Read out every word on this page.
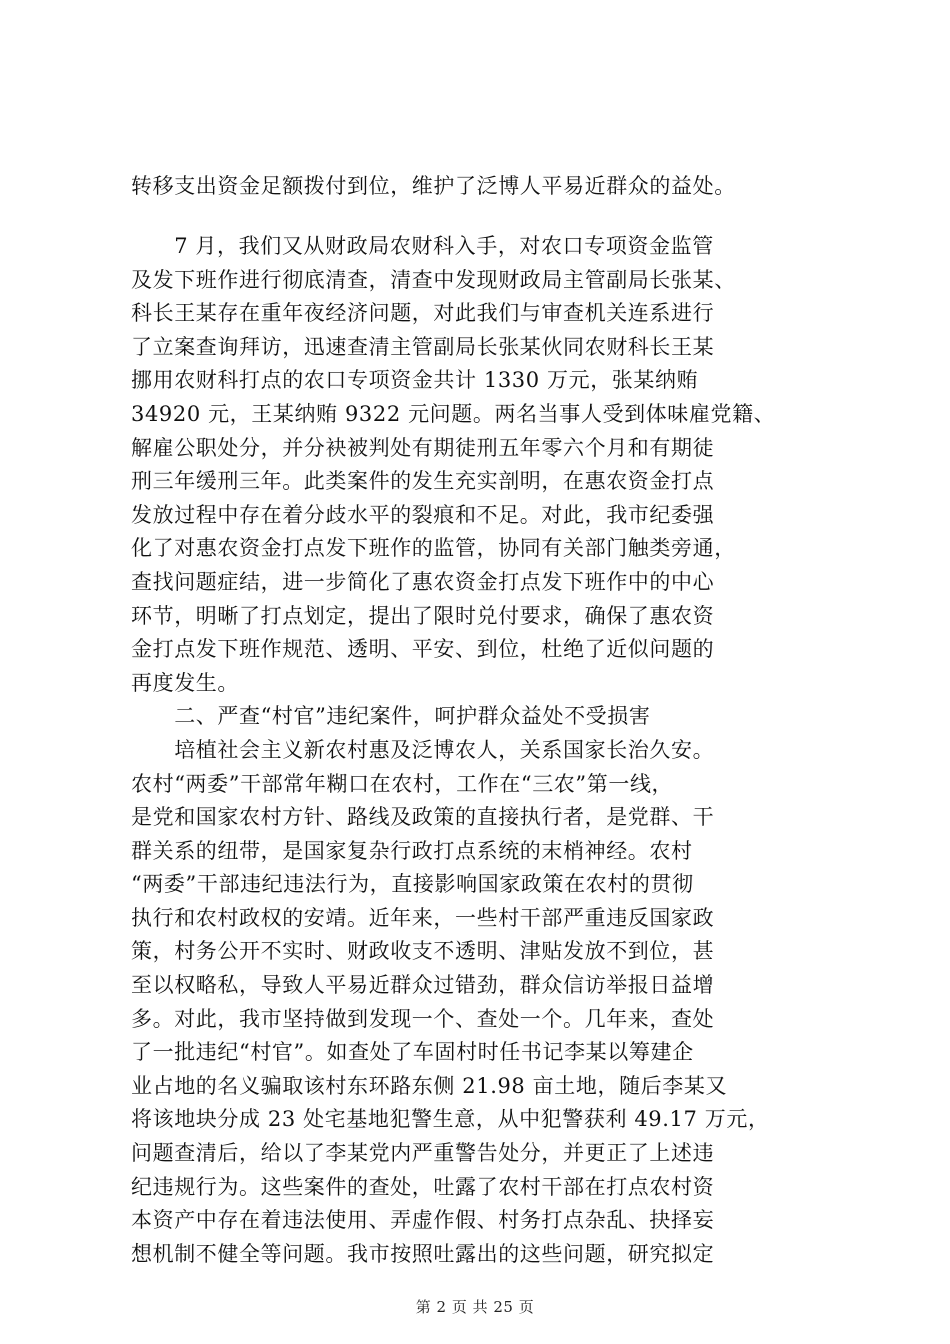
转移支出资金足额拨付到位，维护了泛博人平易近群众的益处。
　　7 月，我们又从财政局农财科入手，对农口专项资金监管
及发下班作进行彻底清查，清查中发现财政局主管副局长张某、
科长王某存在重年夜经济问题，对此我们与审查机关连系进行
了立案查询拜访，迅速查清主管副局长张某伙同农财科长王某
挪用农财科打点的农口专项资金共计 1330 万元，张某纳贿
34920 元，王某纳贿 9322 元问题。两名当事人受到体味雇党籍、
解雇公职处分，并分袂被判处有期徒刑五年零六个月和有期徒
刑三年缓刑三年。此类案件的发生充实剖明，在惠农资金打点
发放过程中存在着分歧水平的裂痕和不足。对此，我市纪委强
化了对惠农资金打点发下班作的监管，协同有关部门触类旁通，
查找问题症结，进一步简化了惠农资金打点发下班作中的中心
环节，明晰了打点划定，提出了限时兑付要求，确保了惠农资
金打点发下班作规范、透明、平安、到位，杜绝了近似问题的
再度发生。
　　二、严查“村官”违纪案件，呵护群众益处不受损害
　　培植社会主义新农村惠及泛博农人，关系国家长治久安。
农村“两委”干部常年糊口在农村，工作在“三农”第一线，
是党和国家农村方针、路线及政策的直接执行者，是党群、干
群关系的纽带，是国家复杂行政打点系统的末梢神经。农村
“两委”干部违纪违法行为，直接影响国家政策在农村的贯彻
执行和农村政权的安靖。近年来，一些村干部严重违反国家政
策，村务公开不实时、财政收支不透明、津贴发放不到位，甚
至以权略私，导致人平易近群众过错劲，群众信访举报日益增
多。对此，我市坚持做到发现一个、查处一个。几年来，查处
了一批违纪“村官”。如查处了车固村时任书记李某以筹建企
业占地的名义骗取该村东环路东侧 21.98 亩土地，随后李某又
将该地块分成 23 处宅基地犯警生意，从中犯警获利 49.17 万元，
问题查清后，给以了李某党内严重警告处分，并更正了上述违
纪违规行为。这些案件的查处，吐露了农村干部在打点农村资
本资产中存在着违法使用、弄虚作假、村务打点杂乱、抉择妄
想机制不健全等问题。我市按照吐露出的这些问题，研究拟定
第 2 页 共 25 页
